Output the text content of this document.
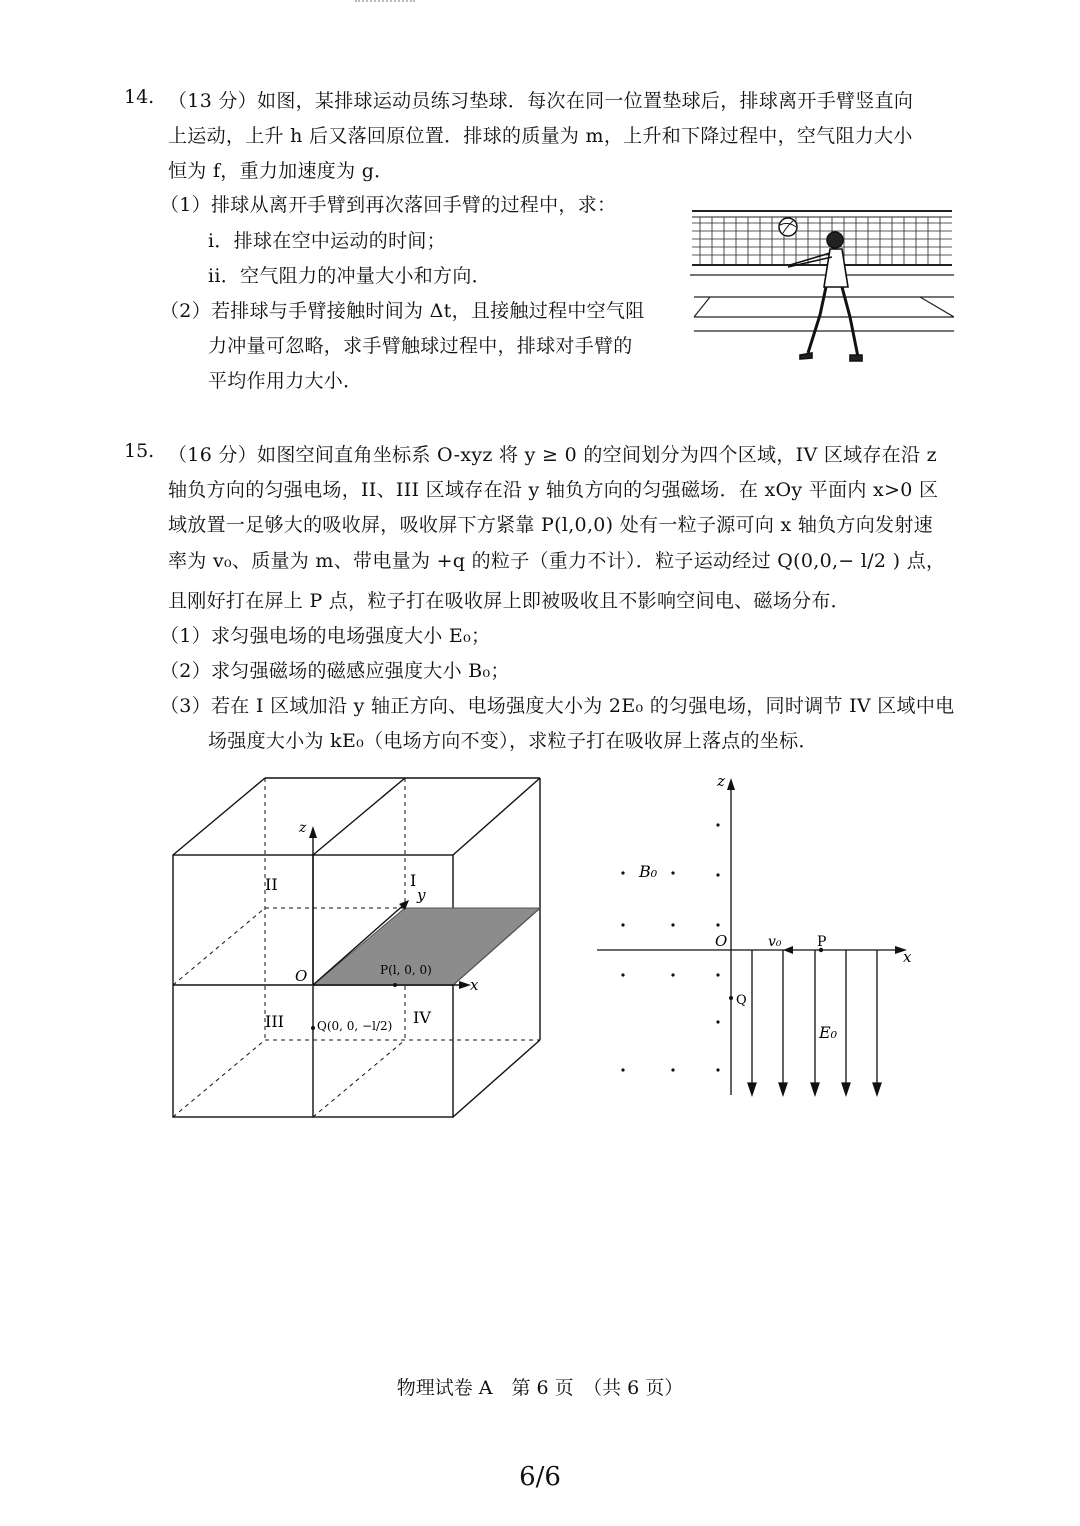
14. （13 分）如图，某排球运动员练习垫球．每次在同一位置垫球后，排球离开手臂竖直向
上运动，上升 h 后又落回原位置．排球的质量为 m，上升和下降过程中，空气阻力大小
恒为 f，重力加速度为 g．
（1）排球从离开手臂到再次落回手臂的过程中，求：
i．排球在空中运动的时间；
ii．空气阻力的冲量大小和方向．
（2）若排球与手臂接触时间为 Δt，且接触过程中空气阻
力冲量可忽略，求手臂触球过程中，排球对手臂的
平均作用力大小．
15. （16 分）如图空间直角坐标系 O-xyz 将 y ≥ 0 的空间划分为四个区域，IV 区域存在沿 z
轴负方向的匀强电场，II、III 区域存在沿 y 轴负方向的匀强磁场．在 xOy 平面内 x>0 区
域放置一足够大的吸收屏，吸收屏下方紧靠 P(l,0,0) 处有一粒子源可向 x 轴负方向发射速
率为 v₀、质量为 m、带电量为 +q 的粒子（重力不计）．粒子运动经过 Q(0,0,− l/2 ) 点，
且刚好打在屏上 P 点，粒子打在吸收屏上即被吸收且不影响空间电、磁场分布．
（1）求匀强电场的电场强度大小 E₀；
（2）求匀强磁场的磁感应强度大小 B₀；
（3）若在 I 区域加沿 y 轴正方向、电场强度大小为 2E₀ 的匀强电场，同时调节 IV 区域中电
场强度大小为 kE₀（电场方向不变），求粒子打在吸收屏上落点的坐标．
II	I
III	IV
z
y
x
O	P(l, 0, 0)
Q(0, 0, −l/2)
z
x
O
B₀
v₀	P
Q
E₀
物理试卷 A　第 6 页　（共 6 页）
6/6
